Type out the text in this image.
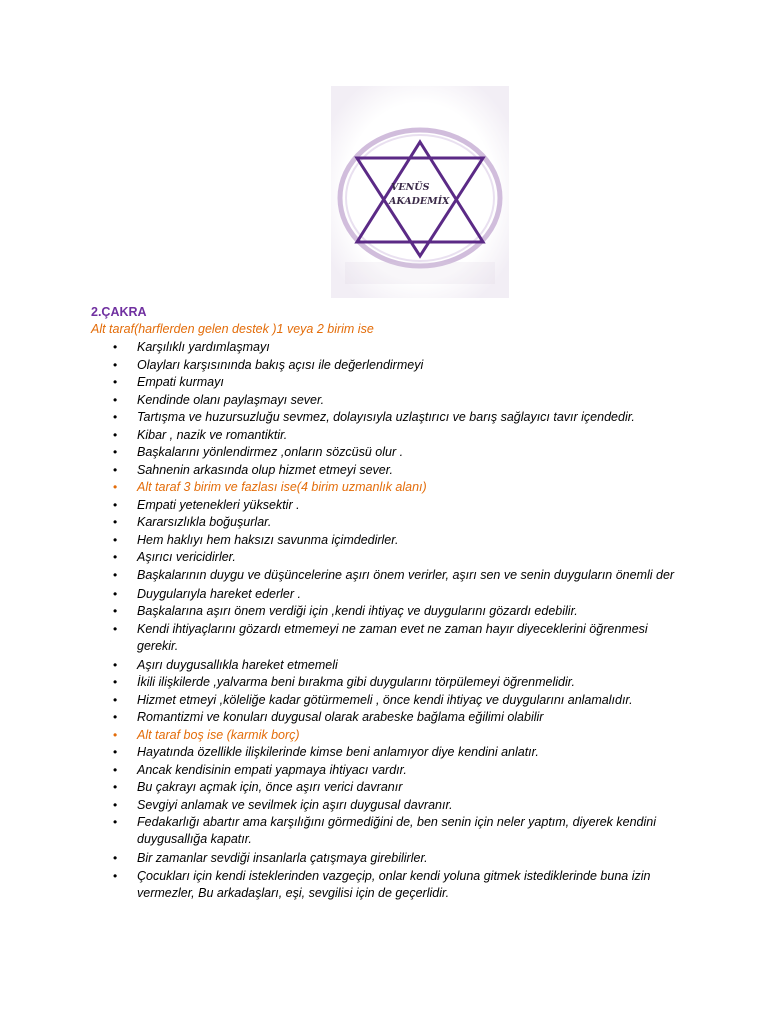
VENÜS
AKADEMİX

2.ÇAKRA

Alt taraf(harflerden gelen destek )1 veya 2 birim ise

• Karşılıklı yardımlaşmayı
• Olayları karşısınında bakış açısı ile değerlendirmeyi
• Empati kurmayı
• Kendinde olanı paylaşmayı sever.
• Tartışma ve huzursuzluğu sevmez, dolayısıyla uzlaştırıcı ve barış sağlayıcı tavır içendedir.
• Kibar , nazik ve romantiktir.
• Başkalarını yönlendirmez ,onların sözcüsü olur .
• Sahnenin arkasında olup hizmet etmeyi sever.
• Alt taraf 3 birim ve fazlası ise(4 birim uzmanlık alanı)
• Empati yetenekleri yüksektir .
• Kararsızlıkla boğuşurlar.
• Hem haklıyı hem haksızı savunma içimdedirler.
• Aşırıcı vericidirler.
• Başkalarının duygu ve düşüncelerine aşırı önem verirler, aşırı sen ve senin duyguların önemli der
• Duygularıyla hareket ederler .
• Başkalarına aşırı önem verdiği için ,kendi ihtiyaç ve duygularını gözardı edebilir.
• Kendi ihtiyaçlarını gözardı etmemeyi ne zaman evet ne zaman hayır diyeceklerini öğrenmesi gerekir.
• Aşırı duygusallıkla hareket etmemeli
• İkili ilişkilerde ,yalvarma beni bırakma gibi duygularını törpülemeyi öğrenmelidir.
• Hizmet etmeyi ,köleliğe kadar götürmemeli , önce kendi ihtiyaç ve duygularını anlamalıdır.
• Romantizmi ve konuları duygusal olarak arabeske bağlama eğilimi olabilir
• Alt taraf boş ise (karmik borç)
• Hayatında özellikle ilişkilerinde kimse beni anlamıyor diye kendini anlatır.
• Ancak kendisinin empati yapmaya ihtiyacı vardır.
• Bu çakrayı açmak için, önce aşırı verici davranır
• Sevgiyi anlamak ve sevilmek için aşırı duygusal davranır.
• Fedakarlığı abartır ama karşılığını görmediğini de, ben senin için neler yaptım, diyerek kendini duygusallığa kapatır.
• Bir zamanlar sevdiği insanlarla çatışmaya girebilirler.
• Çocukları için kendi isteklerinden vazgeçip, onlar kendi yoluna gitmek istediklerinde buna izin vermezler, Bu arkadaşları, eşi, sevgilisi için de geçerlidir.
